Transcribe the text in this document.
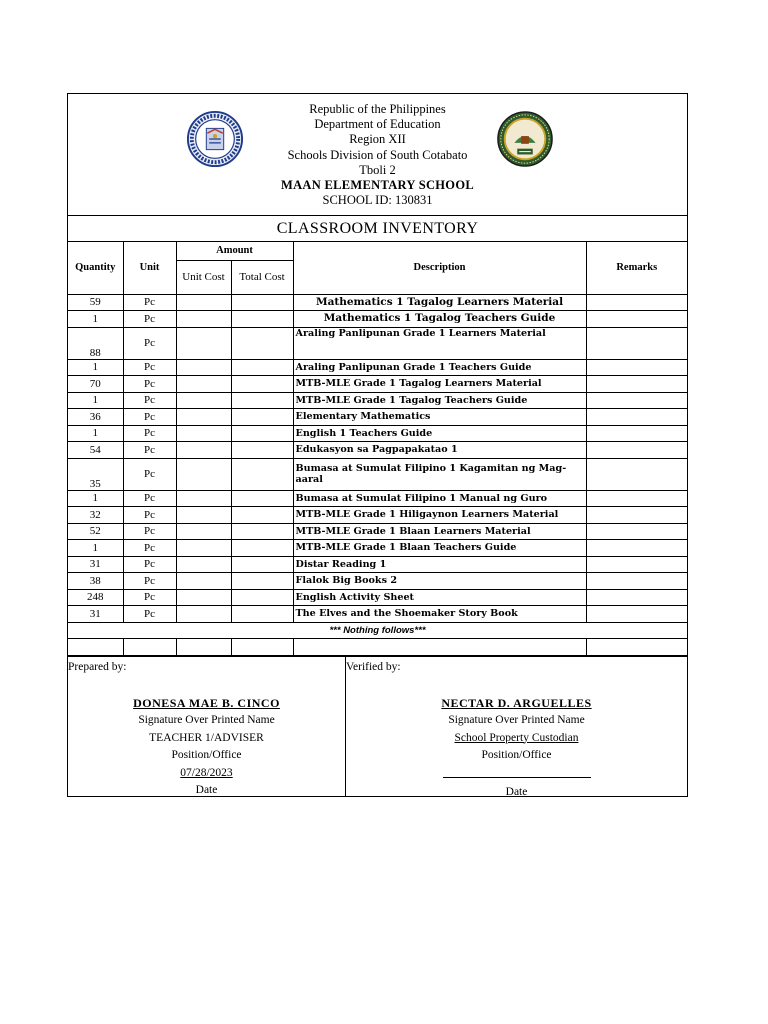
Republic of the Philippines
Department of Education
Region XII
Schools Division of South Cotabato
Tboli 2
MAAN ELEMENTARY SCHOOL
SCHOOL ID: 130831
CLASSROOM INVENTORY
Quantity	Unit	Amount		Description	Remarks
		Unit Cost	Total Cost		
59	Pc			Mathematics 1 Tagalog Learners Material	
1	Pc			Mathematics 1 Tagalog Teachers Guide	
88	Pc			Araling Panlipunan Grade 1 Learners Material	
1	Pc			Araling Panlipunan Grade 1 Teachers Guide	
70	Pc			MTB-MLE Grade 1 Tagalog Learners Material	
1	Pc			MTB-MLE Grade 1 Tagalog Teachers Guide	
36	Pc			Elementary Mathematics	
1	Pc			English 1 Teachers Guide	
54	Pc			Edukasyon sa Pagpapakatao 1	
35	Pc			Bumasa at Sumulat Filipino 1 Kagamitan ng Mag-aaral	
1	Pc			Bumasa at Sumulat Filipino 1 Manual ng Guro	
32	Pc			MTB-MLE Grade 1 Hiligaynon Learners Material	
52	Pc			MTB-MLE Grade 1 Blaan Learners Material	
1	Pc			MTB-MLE Grade 1 Blaan Teachers Guide	
31	Pc			Distar Reading 1	
38	Pc			Flalok Big Books 2	
248	Pc			English Activity Sheet	
31	Pc			The Elves and the Shoemaker Story Book	
*** Nothing follows***					

Prepared by:
DONESA MAE B. CINCO
Signature Over Printed Name
TEACHER 1/ADVISER
Position/Office
07/28/2023
Date
Verified by:
NECTAR D. ARGUELLES
Signature Over Printed Name
School Property Custodian
Position/Office
Date
